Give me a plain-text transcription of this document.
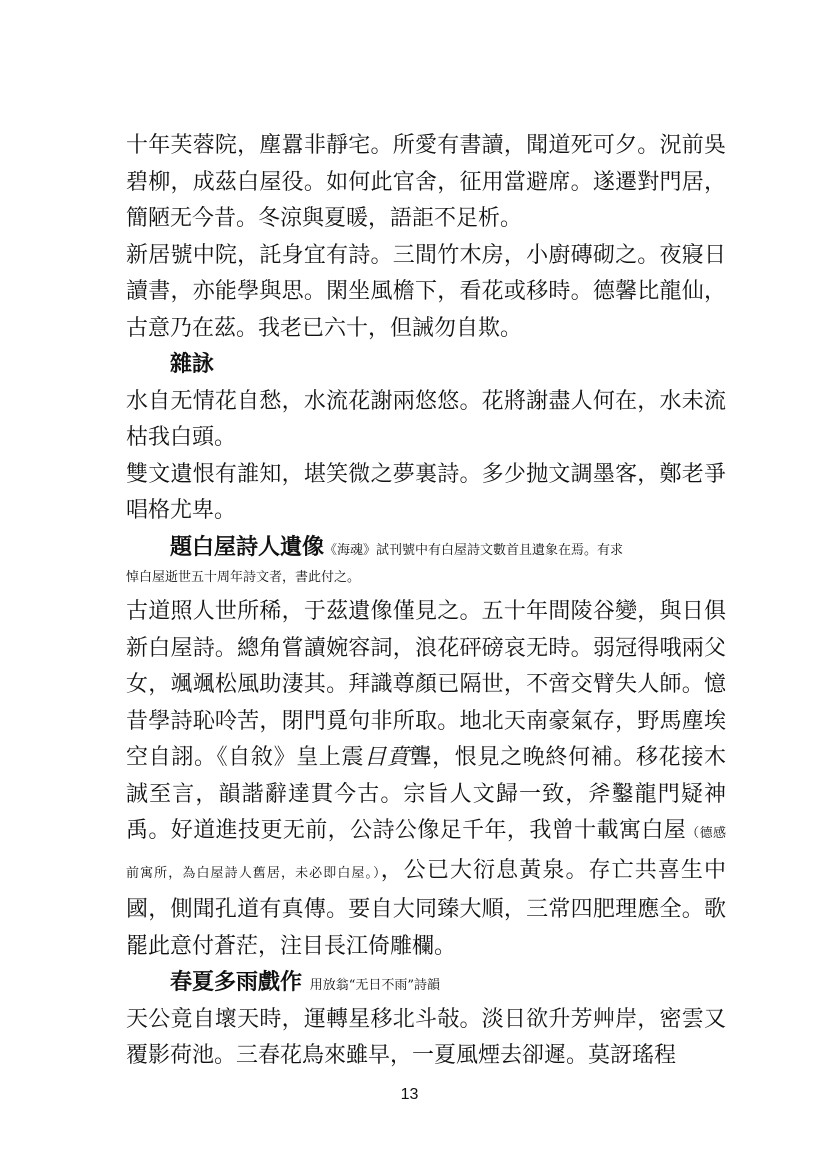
十年芙蓉院，塵囂非靜宅。所愛有書讀，聞道死可夕。況前吳碧柳，成茲白屋役。如何此官舍，征用當避席。遂遷對門居，簡陋无今昔。冬涼與夏暖，語詎不足析。

新居號中院，託身宜有詩。三間竹木房，小廚磚砌之。夜寢日讀書，亦能學與思。閑坐風檐下，看花或移時。德馨比龍仙，古意乃在茲。我老已六十，但誡勿自欺。

雜詠

水自无情花自愁，水流花謝兩悠悠。花將謝盡人何在，水未流枯我白頭。

雙文遺恨有誰知，堪笑微之夢裏詩。多少抛文調墨客，鄭老爭唱格尤卑。

題白屋詩人遺像《海魂》試刊號中有白屋詩文數首且遺象在焉。有求

悼白屋逝世五十周年詩文者，書此付之。

古道照人世所稀，于茲遺像僅見之。五十年間陵谷變，與日俱新白屋詩。總角嘗讀婉容詞，浪花砰磅哀无時。弱冠得哦兩父女，颯颯松風助淒其。拜識尊顏已隔世，不啻交臂失人師。憶昔學詩恥呤苦，閉門覓句非所取。地北天南豪氣存，野馬塵埃空自詡。《自敘》皇上震目賁聾，恨見之晚終何補。移花接木誠至言，韻諧辭達貫今古。宗旨人文歸一致，斧鑿龍門疑神禹。好道進技更无前，公詩公像足千年，我曾十載寓白屋（德感前寓所，為白屋詩人舊居，未必即白屋。），公已大衍息黃泉。存亡共喜生中國，側聞孔道有真傳。要自大同臻大順，三常四肥理應全。歌罷此意付蒼茫，注目長江倚雕欄。

春夏多雨戲作 用放翁“无日不雨”詩韻

天公竟自壞天時，運轉星移北斗敧。淡日欲升芳艸岸，密雲又覆影荷池。三春花鳥來雖早，一夏風煙去卻遲。莫訝瑤程

13
